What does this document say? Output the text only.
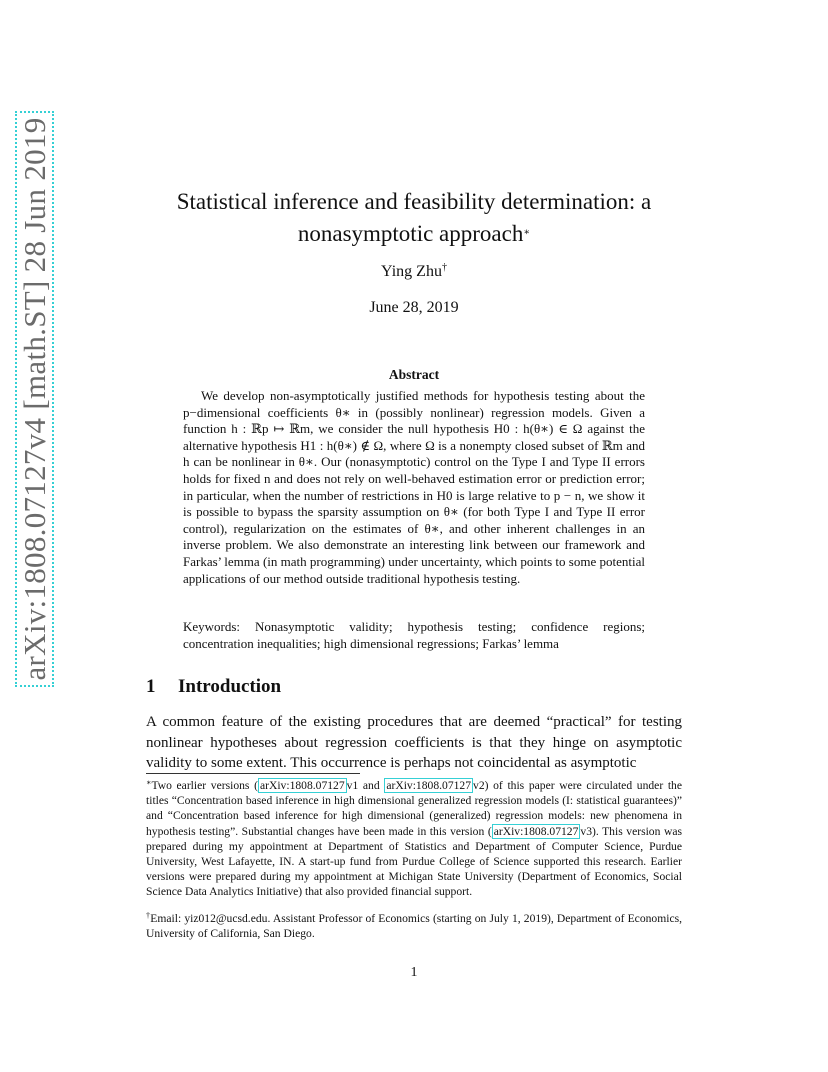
arXiv:1808.07127v4 [math.ST] 28 Jun 2019	Statistical inference and feasibility determination: a
nonasymptotic approach∗
Ying Zhu†
June 28, 2019
Abstract

We develop non-asymptotically justified methods for hypothesis testing about the p−dimensional coefficients θ∗ in (possibly nonlinear) regression models. Given a function h : ℝp ↦ ℝm, we consider the null hypothesis H0 : h(θ∗) ∈ Ω against the alternative hypothesis H1 : h(θ∗) ∉ Ω, where Ω is a nonempty closed subset of ℝm and h can be nonlinear in θ∗. Our (nonasymptotic) control on the Type I and Type II errors holds for fixed n and does not rely on well-behaved estimation error or prediction error; in particular, when the number of restrictions in H0 is large relative to p − n, we show it is possible to bypass the sparsity assumption on θ∗ (for both Type I and Type II error control), regularization on the estimates of θ∗, and other inherent challenges in an inverse problem. We also demonstrate an interesting link between our framework and Farkas’ lemma (in math programming) under uncertainty, which points to some potential applications of our method outside traditional hypothesis testing.

Keywords: Nonasymptotic validity; hypothesis testing; confidence regions; concentration inequalities; high dimensional regressions; Farkas’ lemma
1 Introduction

A common feature of the existing procedures that are deemed “practical” for testing nonlinear hypotheses about regression coefficients is that they hinge on asymptotic validity to some extent. This occurrence is perhaps not coincidental as asymptotic

∗Two earlier versions ( arXiv:1808.07127 v1 and arXiv:1808.07127 v2) of this paper were circulated under the titles “Concentration based inference in high dimensional generalized regression models (I: statistical guarantees)” and “Concentration based inference for high dimensional (generalized) regression models: new phenomena in hypothesis testing”. Substantial changes have been made in this version ( arXiv:1808.07127 v3). This version was prepared during my appointment at Department of Statistics and Department of Computer Science, Purdue University, West Lafayette, IN. A start-up fund from Purdue College of Science supported this research. Earlier versions were prepared during my appointment at Michigan State University (Department of Economics, Social Science Data Analytics Initiative) that also provided financial support.

†Email: yiz012@ucsd.edu. Assistant Professor of Economics (starting on July 1, 2019), Department of Economics, University of California, San Diego.

1
